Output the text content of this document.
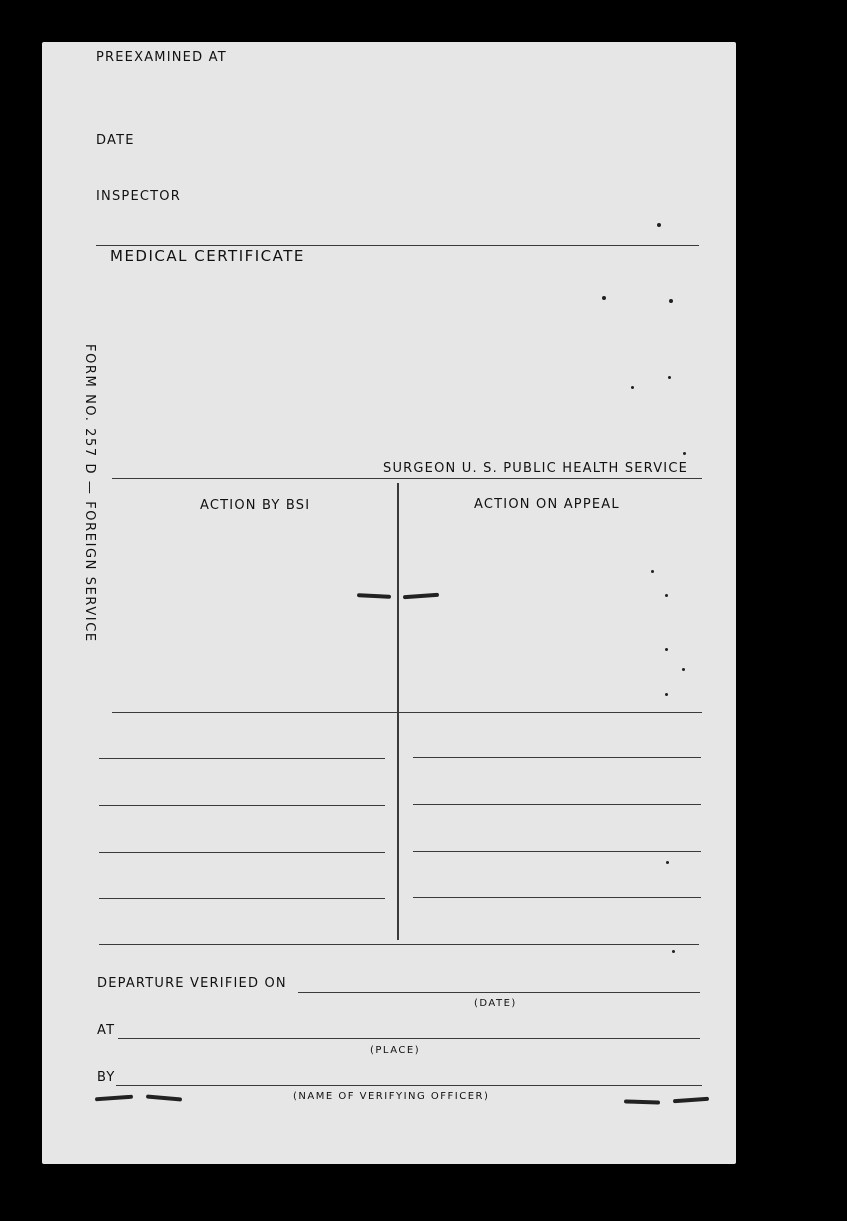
PREEXAMINED AT
DATE
INSPECTOR
MEDICAL CERTIFICATE
FORM NO. 257 D — FOREIGN SERVICE	SURGEON U. S. PUBLIC HEALTH SERVICE
ACTION BY BSI	ACTION ON APPEAL
DEPARTURE VERIFIED ON
(DATE)
AT
(PLACE)
BY
(NAME OF VERIFYING OFFICER)
